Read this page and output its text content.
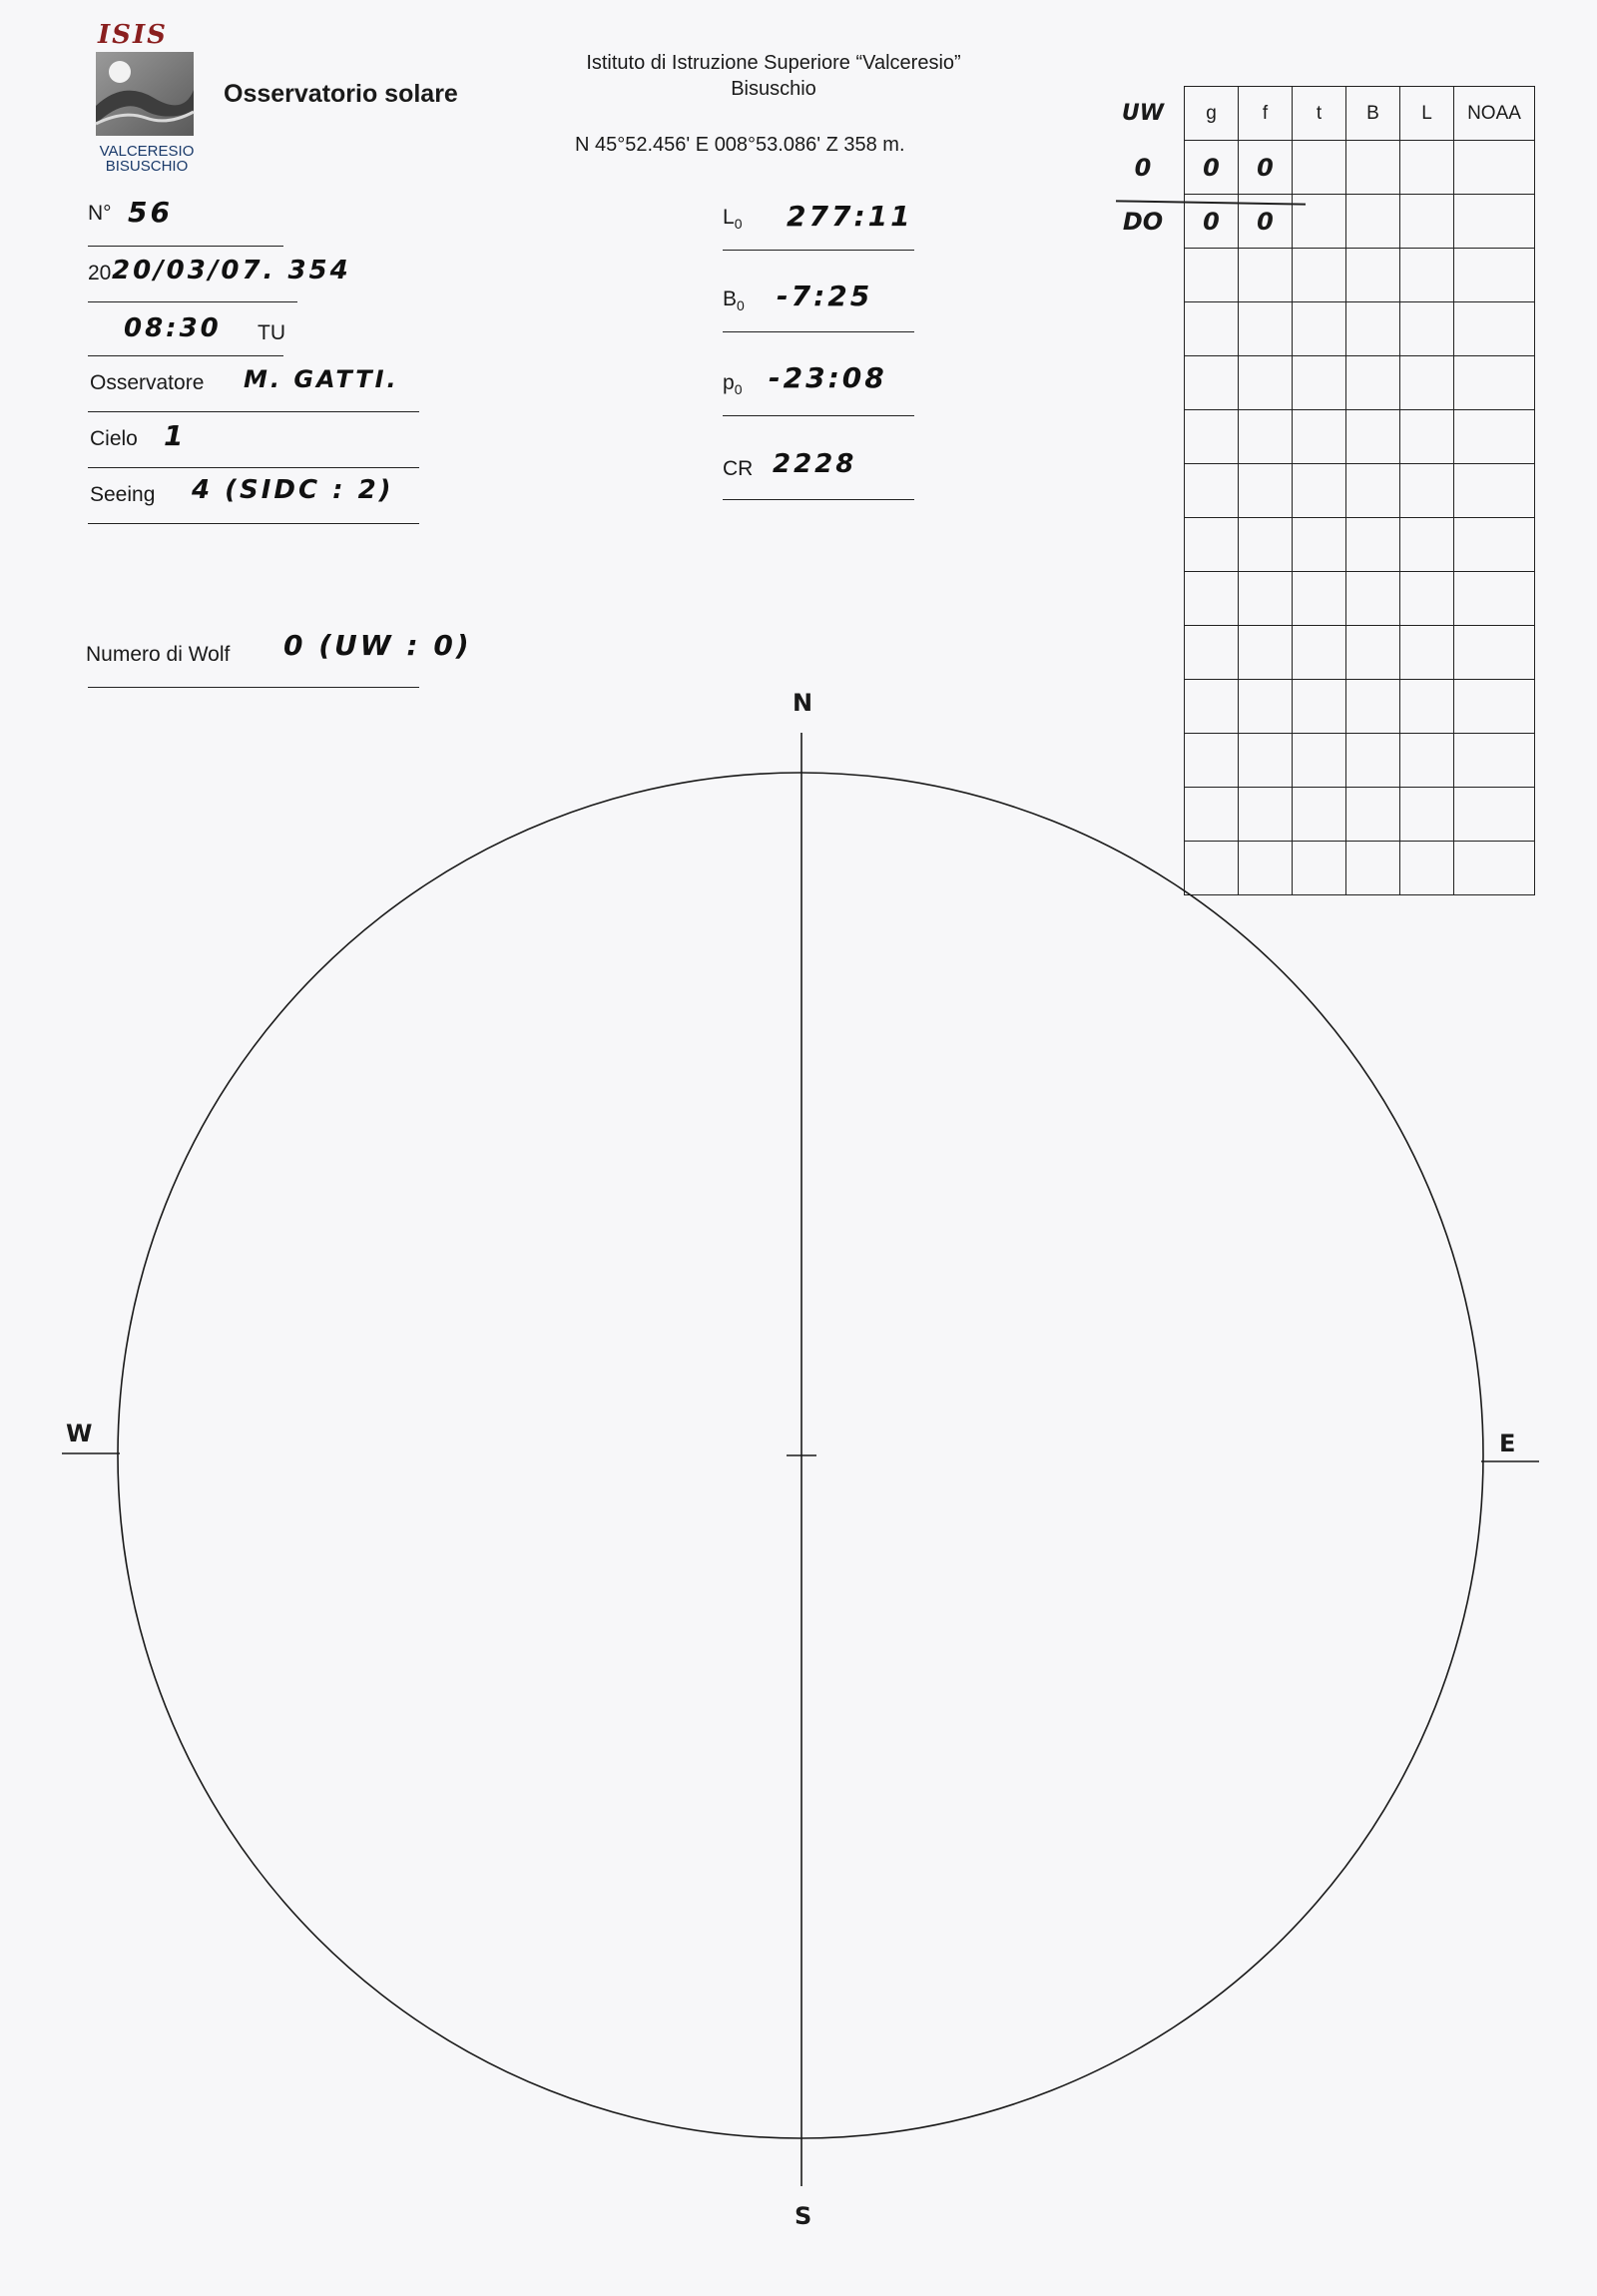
ISIS
VALCERESIO
BISUSCHIO
Osservatorio solare
Istituto di Istruzione Superiore “Valceresio”
Bisuschio
N 45°52.456' E 008°53.086' Z 358 m.
N° 56
20 20/03/07. 354
08:30 TU
Osservatore M. GATTI.
Cielo 1
Seeing 4 (SIDC : 2)
Numero di Wolf 0 (UW : 0)
$L_0$ 277:11
$B_0$ -7:25
$p_0$ -23:08
CR 2228
UW	g	f	t	B	L	NOAA
0	0	0				
DO	0	0				

N
S
E
W
